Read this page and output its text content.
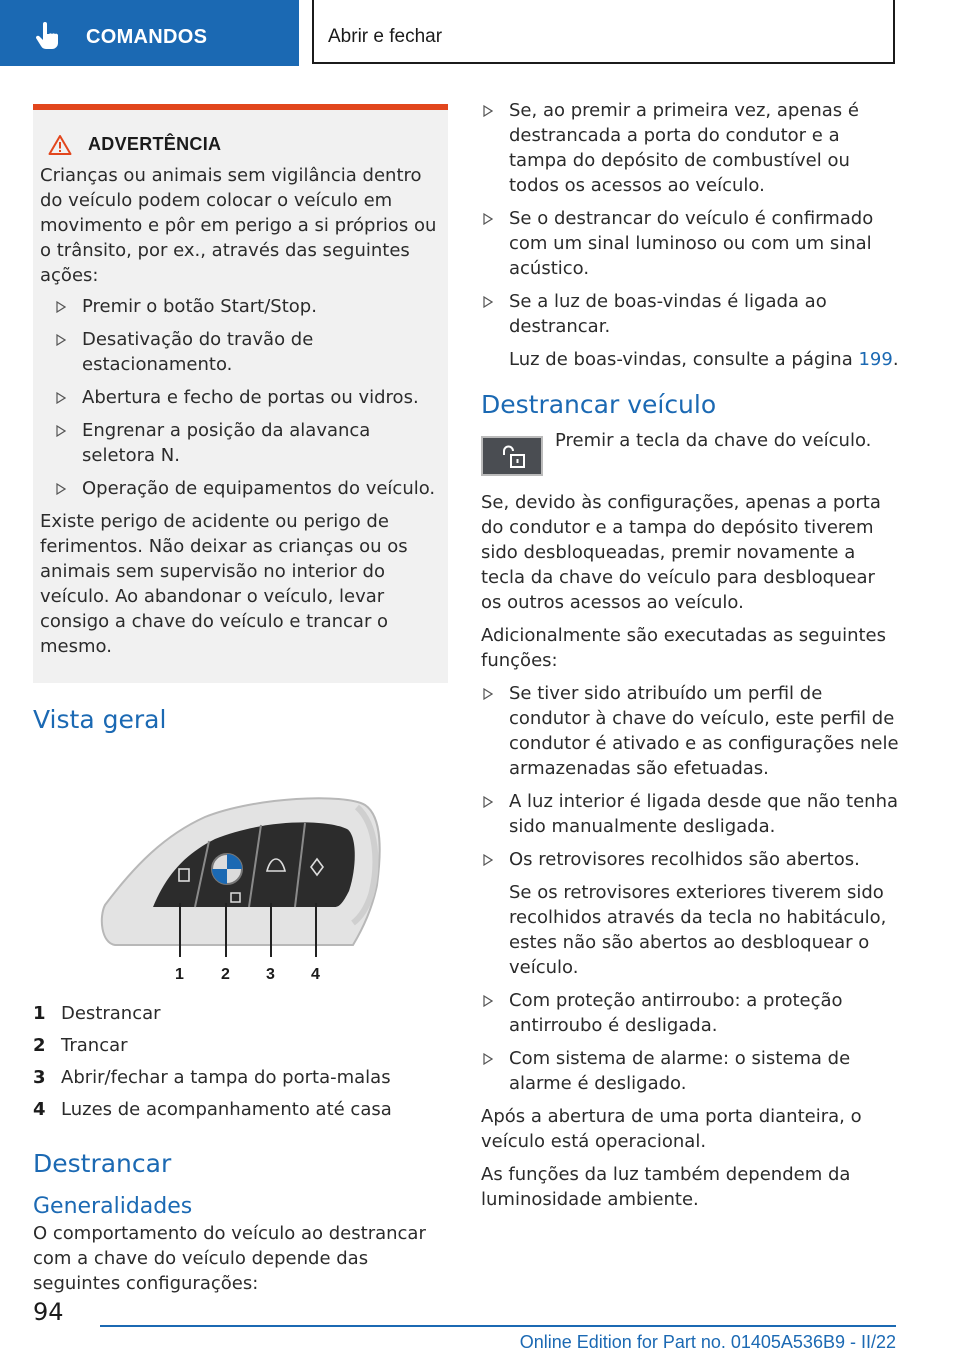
COMANDOS	Abrir e fechar
ADVERTÊNCIA

Crianças ou animais sem vigilância dentro do veículo podem colocar o veículo em movimento e pôr em perigo a si próprios ou o trânsito, por ex., através das seguintes ações:

Premir o botão Start/Stop.
Desativação do travão de estacionamento.
Abertura e fecho de portas ou vidros.
Engrenar a posição da alavanca seletora N.
Operação de equipamentos do veículo.

Existe perigo de acidente ou perigo de ferimentos. Não deixar as crianças ou os animais sem supervisão no interior do veículo. Ao abandonar o veículo, levar consigo a chave do veículo e trancar o mesmo.

Vista geral
1 2 3 4
1 Destrancar
2 Trancar
3 Abrir/fechar a tampa do porta-malas
4 Luzes de acompanhamento até casa
Destrancar
Generalidades

O comportamento do veículo ao destrancar com a chave do veículo depende das seguintes configurações:

Se, ao premir a primeira vez, apenas é destrancada a porta do condutor e a tampa do depósito de combustível ou todos os acessos ao veículo.
Se o destrancar do veículo é confirmado com um sinal luminoso ou com um sinal acústico.
Se a luz de boas-vindas é ligada ao destrancar.

Luz de boas-vindas, consulte a página 199.

Destrancar veículo

Premir a tecla da chave do veículo.

Se, devido às configurações, apenas a porta do condutor e a tampa do depósito tiverem sido desbloqueadas, premir novamente a tecla da chave do veículo para desbloquear os outros acessos ao veículo.

Adicionalmente são executadas as seguintes funções:

Se tiver sido atribuído um perfil de condutor à chave do veículo, este perfil de condutor é ativado e as configurações nele armazenadas são efetuadas.
A luz interior é ligada desde que não tenha sido manualmente desligada.
Os retrovisores recolhidos são abertos.

Se os retrovisores exteriores tiverem sido recolhidos através da tecla no habitáculo, estes não são abertos ao desbloquear o veículo.

Com proteção antirroubo: a proteção antirroubo é desligada.
Com sistema de alarme: o sistema de alarme é desligado.

Após a abertura de uma porta dianteira, o veículo está operacional.

As funções da luz também dependem da luminosidade ambiente.

94
Online Edition for Part no. 01405A536B9 - II/22
